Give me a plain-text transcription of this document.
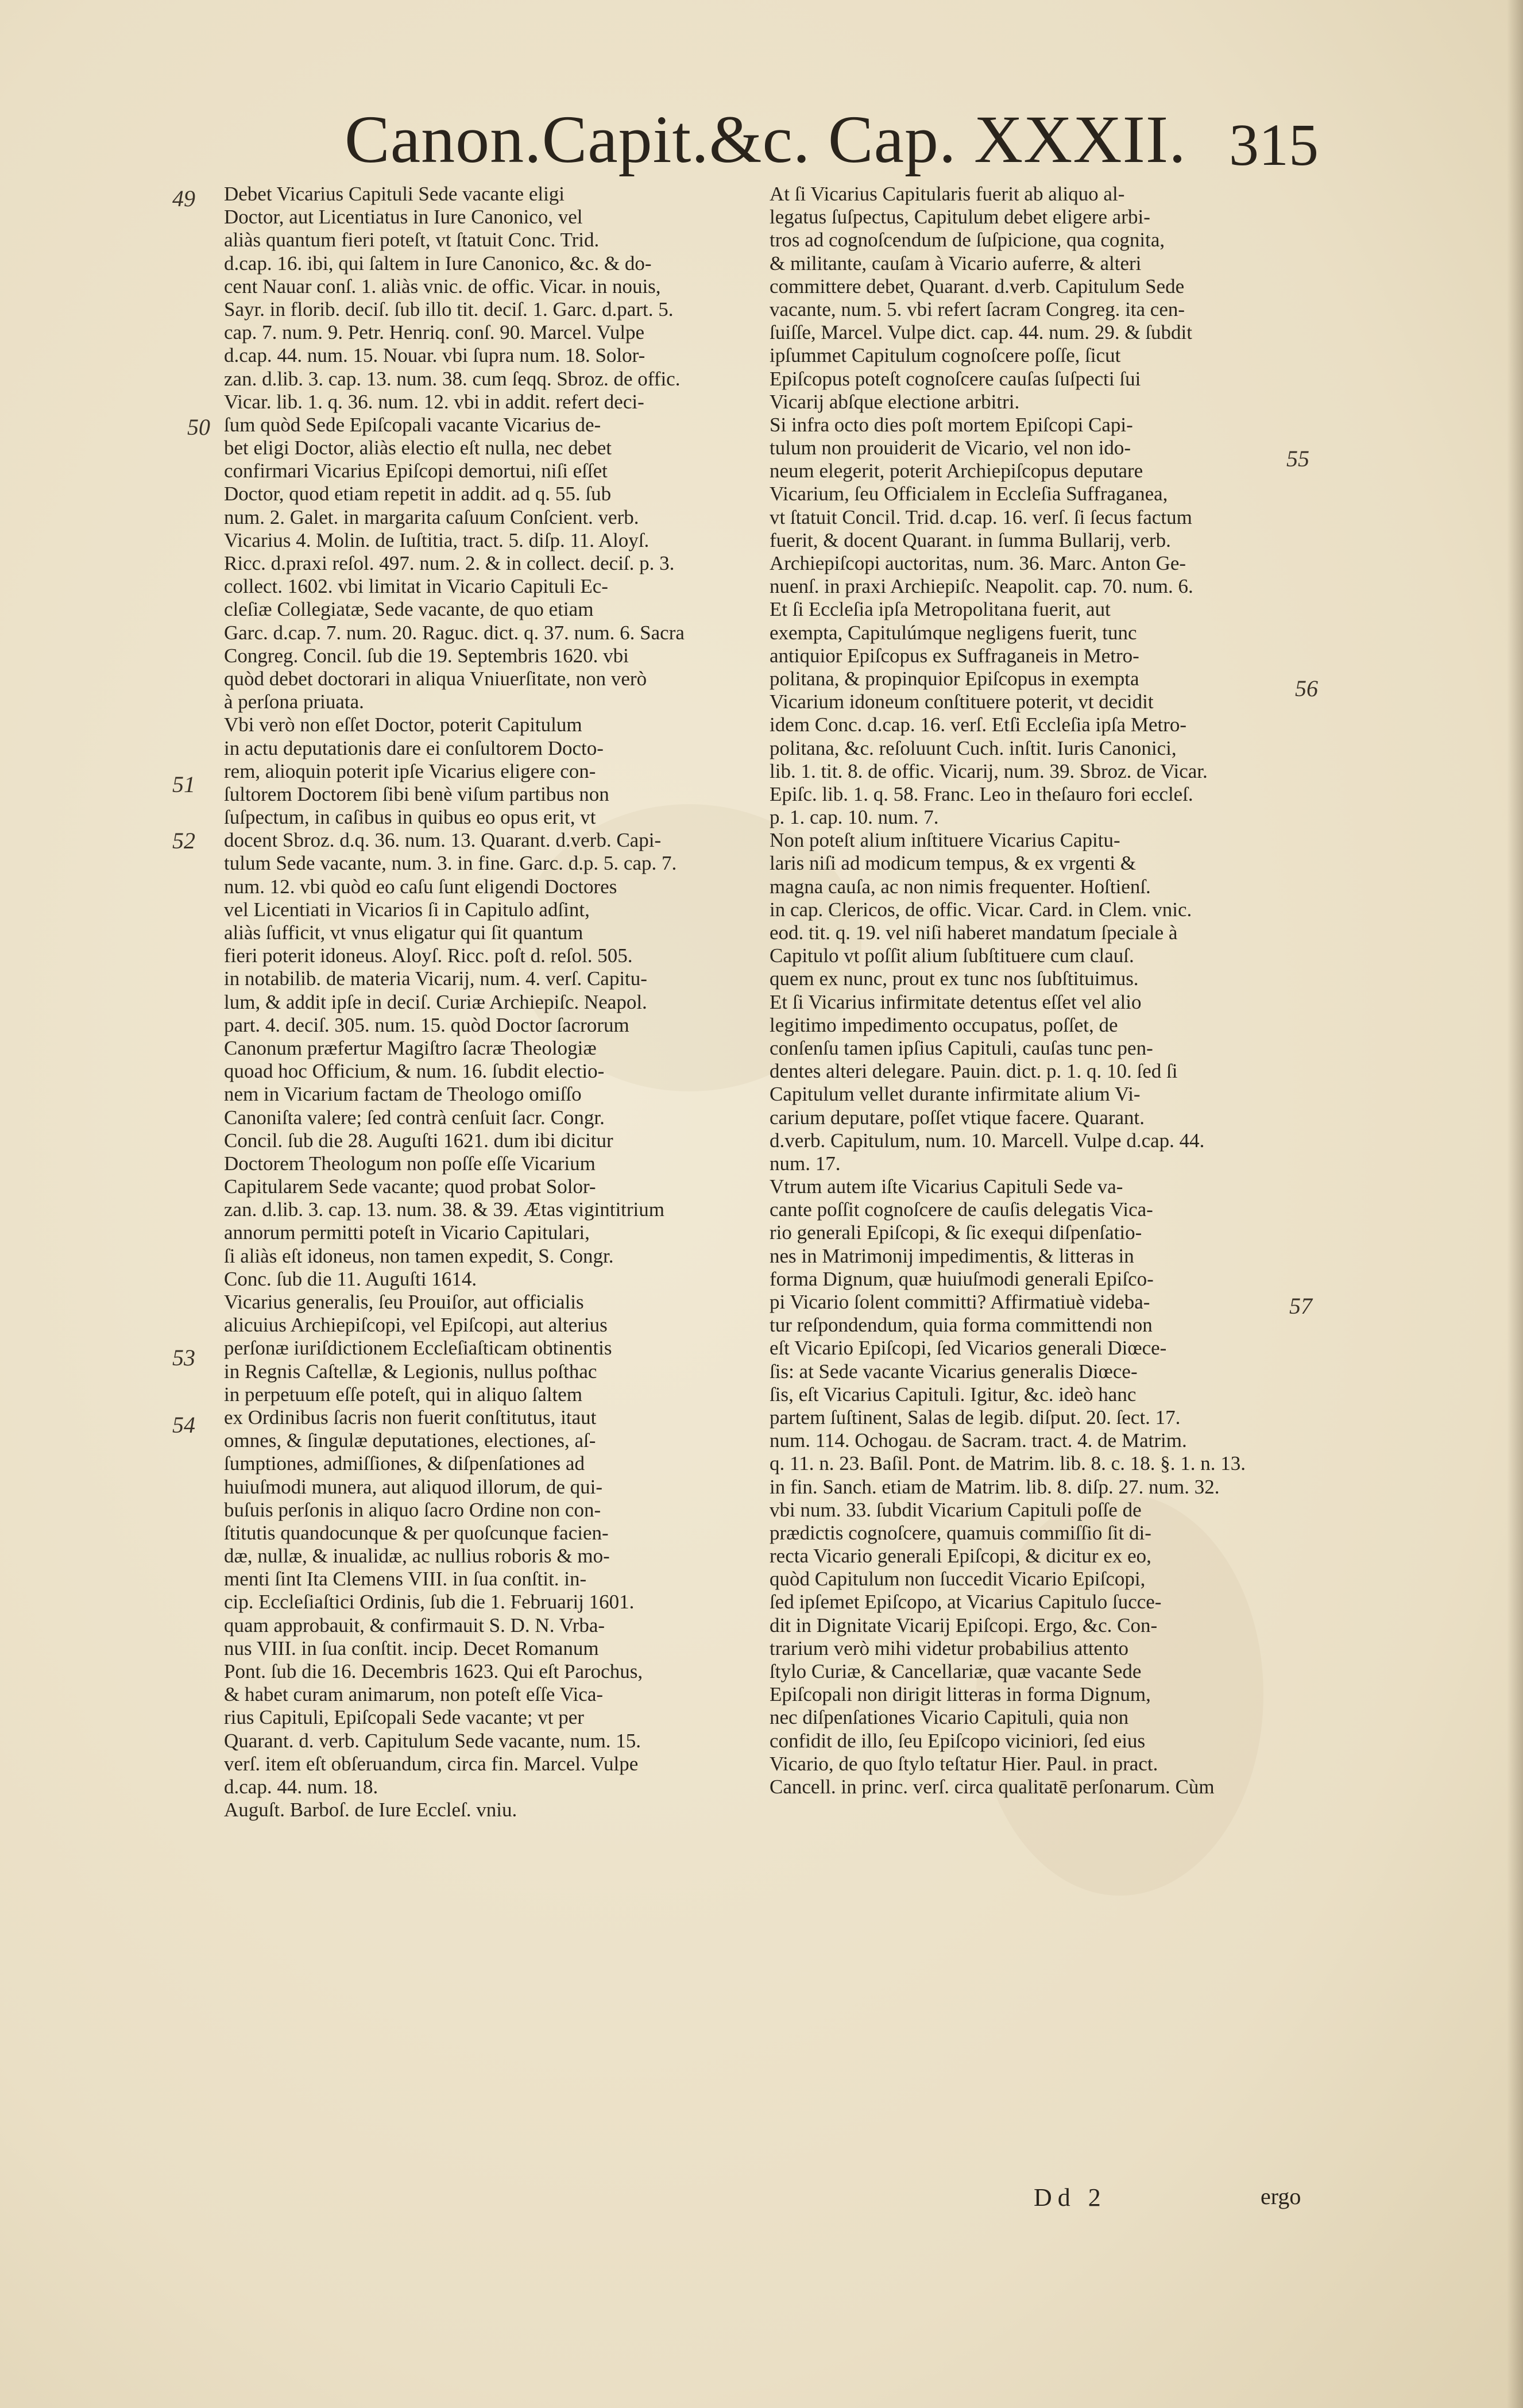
Canon.Capit.&c. Cap. XXXII. 315
49
50
51
52
53
54
55
56
57
Debet Vicarius Capituli Sede vacante eligi
Doctor, aut Licentiatus in Iure Canonico, vel
aliàs quantum fieri poteſt, vt ſtatuit Conc. Trid.
d.cap. 16. ibi, qui ſaltem in Iure Canonico, &c. & do-
cent Nauar conſ. 1. aliàs vnic. de offic. Vicar. in nouis,
Sayr. in florib. deciſ. ſub illo tit. deciſ. 1. Garc. d.part. 5.
cap. 7. num. 9. Petr. Henriq. conſ. 90. Marcel. Vulpe
d.cap. 44. num. 15. Nouar. vbi ſupra num. 18. Solor-
zan. d.lib. 3. cap. 13. num. 38. cum ſeqq. Sbroz. de offic.
Vicar. lib. 1. q. 36. num. 12. vbi in addit. refert deci-
ſum quòd Sede Epiſcopali vacante Vicarius de-
bet eligi Doctor, aliàs electio eſt nulla, nec debet
confirmari Vicarius Epiſcopi demortui, niſi eſſet
Doctor, quod etiam repetit in addit. ad q. 55. ſub
num. 2. Galet. in margarita caſuum Conſcient. verb.
Vicarius 4. Molin. de Iuſtitia, tract. 5. diſp. 11. Aloyſ.
Ricc. d.praxi reſol. 497. num. 2. & in collect. deciſ. p. 3.
collect. 1602. vbi limitat in Vicario Capituli Ec-
cleſiæ Collegiatæ, Sede vacante, de quo etiam
Garc. d.cap. 7. num. 20. Raguc. dict. q. 37. num. 6. Sacra
Congreg. Concil. ſub die 19. Septembris 1620. vbi
quòd debet doctorari in aliqua Vniuerſitate, non verò
à perſona priuata.
Vbi verò non eſſet Doctor, poterit Capitulum
in actu deputationis dare ei conſultorem Docto-
rem, alioquin poterit ipſe Vicarius eligere con-
ſultorem Doctorem ſibi benè viſum partibus non
ſuſpectum, in caſibus in quibus eo opus erit, vt
docent Sbroz. d.q. 36. num. 13. Quarant. d.verb. Capi-
tulum Sede vacante, num. 3. in fine. Garc. d.p. 5. cap. 7.
num. 12. vbi quòd eo caſu ſunt eligendi Doctores
vel Licentiati in Vicarios ſi in Capitulo adſint,
aliàs ſufficit, vt vnus eligatur qui ſit quantum
fieri poterit idoneus. Aloyſ. Ricc. poſt d. reſol. 505.
in notabilib. de materia Vicarij, num. 4. verſ. Capitu-
lum, & addit ipſe in deciſ. Curiæ Archiepiſc. Neapol.
part. 4. deciſ. 305. num. 15. quòd Doctor ſacrorum
Canonum præfertur Magiſtro ſacræ Theologiæ
quoad hoc Officium, & num. 16. ſubdit electio-
nem in Vicarium factam de Theologo omiſſo
Canoniſta valere; ſed contrà cenſuit ſacr. Congr.
Concil. ſub die 28. Auguſti 1621. dum ibi dicitur
Doctorem Theologum non poſſe eſſe Vicarium
Capitularem Sede vacante; quod probat Solor-
zan. d.lib. 3. cap. 13. num. 38. & 39. Ætas vigintitrium
annorum permitti poteſt in Vicario Capitulari,
ſi aliàs eſt idoneus, non tamen expedit, S. Congr.
Conc. ſub die 11. Auguſti 1614.
Vicarius generalis, ſeu Prouiſor, aut officialis
alicuius Archiepiſcopi, vel Epiſcopi, aut alterius
perſonæ iuriſdictionem Eccleſiaſticam obtinentis
in Regnis Caſtellæ, & Legionis, nullus poſthac
in perpetuum eſſe poteſt, qui in aliquo ſaltem
ex Ordinibus ſacris non fuerit conſtitutus, itaut
omnes, & ſingulæ deputationes, electiones, aſ-
ſumptiones, admiſſiones, & diſpenſationes ad
huiuſmodi munera, aut aliquod illorum, de qui-
buſuis perſonis in aliquo ſacro Ordine non con-
ſtitutis quandocunque & per quoſcunque facien-
dæ, nullæ, & inualidæ, ac nullius roboris & mo-
menti ſint Ita Clemens VIII. in ſua conſtit. in-
cip. Eccleſiaſtici Ordinis, ſub die 1. Februarij 1601.
quam approbauit, & confirmauit S. D. N. Vrba-
nus VIII. in ſua conſtit. incip. Decet Romanum
Pont. ſub die 16. Decembris 1623. Qui eſt Parochus,
& habet curam animarum, non poteſt eſſe Vica-
rius Capituli, Epiſcopali Sede vacante; vt per
Quarant. d. verb. Capitulum Sede vacante, num. 15.
verſ. item eſt obſeruandum, circa fin. Marcel. Vulpe
d.cap. 44. num. 18.
Auguſt. Barboſ. de Iure Eccleſ. vniu.
At ſi Vicarius Capitularis fuerit ab aliquo al-
legatus ſuſpectus, Capitulum debet eligere arbi-
tros ad cognoſcendum de ſuſpicione, qua cognita,
& militante, cauſam à Vicario auferre, & alteri
committere debet, Quarant. d.verb. Capitulum Sede
vacante, num. 5. vbi refert ſacram Congreg. ita cen-
ſuiſſe, Marcel. Vulpe dict. cap. 44. num. 29. & ſubdit
ipſummet Capitulum cognoſcere poſſe, ſicut
Epiſcopus poteſt cognoſcere cauſas ſuſpecti ſui
Vicarij abſque electione arbitri.
Si infra octo dies poſt mortem Epiſcopi Capi-
tulum non prouiderit de Vicario, vel non ido-
neum elegerit, poterit Archiepiſcopus deputare
Vicarium, ſeu Officialem in Eccleſia Suffraganea,
vt ſtatuit Concil. Trid. d.cap. 16. verſ. ſi ſecus factum
fuerit, & docent Quarant. in ſumma Bullarij, verb.
Archiepiſcopi auctoritas, num. 36. Marc. Anton Ge-
nuenſ. in praxi Archiepiſc. Neapolit. cap. 70. num. 6.
Et ſi Eccleſia ipſa Metropolitana fuerit, aut
exempta, Capitulúmque negligens fuerit, tunc
antiquior Epiſcopus ex Suffraganeis in Metro-
politana, & propinquior Epiſcopus in exempta
Vicarium idoneum conſtituere poterit, vt decidit
idem Conc. d.cap. 16. verſ. Etſi Eccleſia ipſa Metro-
politana, &c. reſoluunt Cuch. inſtit. Iuris Canonici,
lib. 1. tit. 8. de offic. Vicarij, num. 39. Sbroz. de Vicar.
Epiſc. lib. 1. q. 58. Franc. Leo in theſauro fori eccleſ.
p. 1. cap. 10. num. 7.
Non poteſt alium inſtituere Vicarius Capitu-
laris niſi ad modicum tempus, & ex vrgenti &
magna cauſa, ac non nimis frequenter. Hoſtienſ.
in cap. Clericos, de offic. Vicar. Card. in Clem. vnic.
eod. tit. q. 19. vel niſi haberet mandatum ſpeciale à
Capitulo vt poſſit alium ſubſtituere cum clauſ.
quem ex nunc, prout ex tunc nos ſubſtituimus.
Et ſi Vicarius infirmitate detentus eſſet vel alio
legitimo impedimento occupatus, poſſet, de
conſenſu tamen ipſius Capituli, cauſas tunc pen-
dentes alteri delegare. Pauin. dict. p. 1. q. 10. ſed ſi
Capitulum vellet durante infirmitate alium Vi-
carium deputare, poſſet vtique facere. Quarant.
d.verb. Capitulum, num. 10. Marcell. Vulpe d.cap. 44.
num. 17.
Vtrum autem iſte Vicarius Capituli Sede va-
cante poſſit cognoſcere de cauſis delegatis Vica-
rio generali Epiſcopi, & ſic exequi diſpenſatio-
nes in Matrimonij impedimentis, & litteras in
forma Dignum, quæ huiuſmodi generali Epiſco-
pi Vicario ſolent committi? Affirmatiuè videba-
tur reſpondendum, quia forma committendi non
eſt Vicario Epiſcopi, ſed Vicarios generali Diœce-
ſis: at Sede vacante Vicarius generalis Diœce-
ſis, eſt Vicarius Capituli. Igitur, &c. ideò hanc
partem ſuſtinent, Salas de legib. diſput. 20. ſect. 17.
num. 114. Ochogau. de Sacram. tract. 4. de Matrim.
q. 11. n. 23. Baſil. Pont. de Matrim. lib. 8. c. 18. §. 1. n. 13.
in fin. Sanch. etiam de Matrim. lib. 8. diſp. 27. num. 32.
vbi num. 33. ſubdit Vicarium Capituli poſſe de
prædictis cognoſcere, quamuis commiſſio ſit di-
recta Vicario generali Epiſcopi, & dicitur ex eo,
quòd Capitulum non ſuccedit Vicario Epiſcopi,
ſed ipſemet Epiſcopo, at Vicarius Capitulo ſucce-
dit in Dignitate Vicarij Epiſcopi. Ergo, &c. Con-
trarium verò mihi videtur probabilius attento
ſtylo Curiæ, & Cancellariæ, quæ vacante Sede
Epiſcopali non dirigit litteras in forma Dignum,
nec diſpenſationes Vicario Capituli, quia non
confidit de illo, ſeu Epiſcopo viciniori, ſed eius
Vicario, de quo ſtylo teſtatur Hier. Paul. in pract.
Cancell. in princ. verſ. circa qualitatē perſonarum. Cùm
Dd 2	ergo
